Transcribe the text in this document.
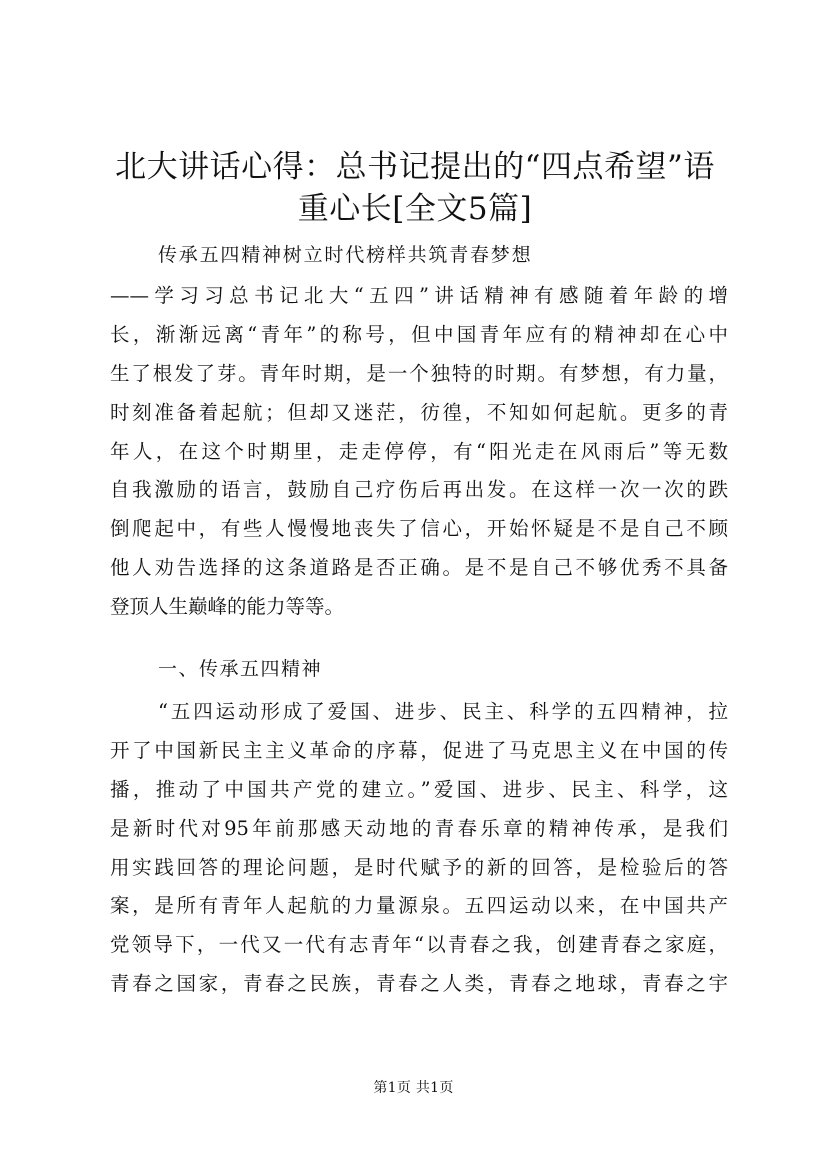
北大讲话心得：总书记提出的“四点希望”语
重心长[全文5篇]
传承五四精神树立时代榜样共筑青春梦想
——学习习总书记北大“五四”讲话精神有感随着年龄的增
长，渐渐远离“青年”的称号，但中国青年应有的精神却在心中
生了根发了芽。青年时期，是一个独特的时期。有梦想，有力量，
时刻准备着起航；但却又迷茫，彷徨，不知如何起航。更多的青
年人，在这个时期里，走走停停，有“阳光走在风雨后”等无数
自我激励的语言，鼓励自己疗伤后再出发。在这样一次一次的跌
倒爬起中，有些人慢慢地丧失了信心，开始怀疑是不是自己不顾
他人劝告选择的这条道路是否正确。是不是自己不够优秀不具备
登顶人生巅峰的能力等等。
一、传承五四精神
“五四运动形成了爱国、进步、民主、科学的五四精神，拉
开了中国新民主主义革命的序幕，促进了马克思主义在中国的传
播，推动了中国共产党的建立。”爱国、进步、民主、科学，这
是新时代对95年前那感天动地的青春乐章的精神传承，是我们
用实践回答的理论问题，是时代赋予的新的回答，是检验后的答
案，是所有青年人起航的力量源泉。五四运动以来，在中国共产
党领导下，一代又一代有志青年“以青春之我，创建青春之家庭，
青春之国家，青春之民族，青春之人类，青春之地球，青春之宇
第1页 共1页
